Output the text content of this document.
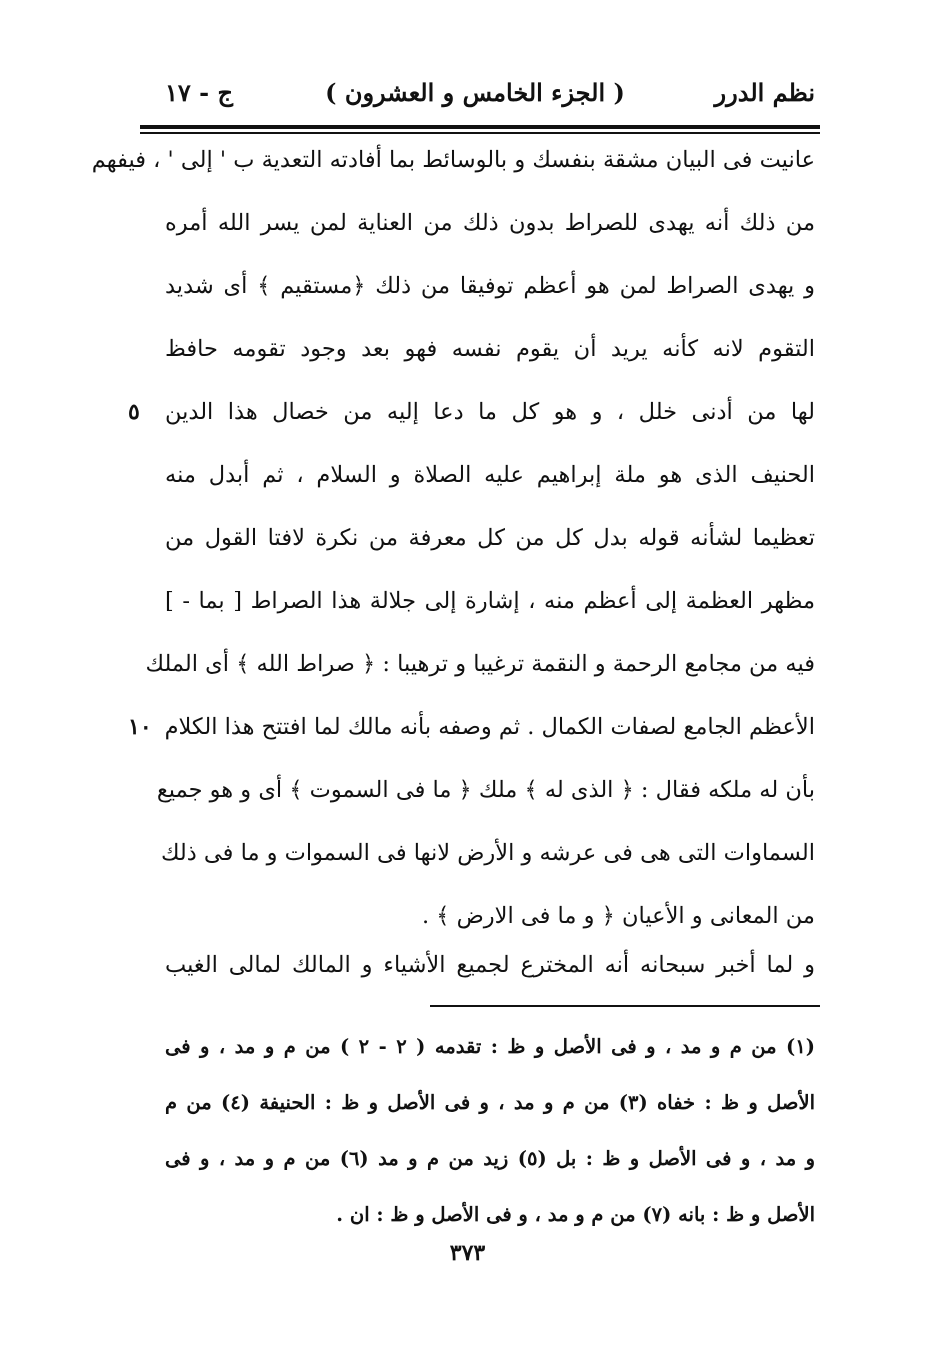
نظم الدرر
( الجزء الخامس و العشرون )
ج - ١٧
عانيت فى البيان مشقة بنفسك و بالوسائط بما أفادته التعدية ب ' إلى ' ، فيفهم
من ذلك أنه يهدى للصراط بدون ذلك من العناية لمن يسر الله أمره
و يهدى الصراط لمن هو أعظم توفيقا من ذلك ﴿مستقيم ﴾ أى شديد
التقوم لانه كأنه يريد أن يقوم نفسه فهو بعد وجود تقومه حافظ
لها من أدنى خلل ، و هو كل ما دعا إليه من خصال هذا الدين
الحنيف الذى هو ملة إبراهيم عليه الصلاة و السلام ، ثم أبدل منه
تعظيما لشأنه قوله بدل كل من كل معرفة من نكرة لافتا القول من
مظهر العظمة إلى أعظم منه ، إشارة إلى جلالة هذا الصراط [ بما - ]
فيه من مجامع الرحمة و النقمة ترغيبا و ترهيبا : ﴿ صراط الله ﴾ أى الملك
الأعظم الجامع لصفات الكمال . ثم وصفه بأنه مالك لما افتتح هذا الكلام
بأن له ملكه فقال : ﴿ الذى له ﴾ ملك ﴿ ما فى السموت ﴾ أى و هو جميع
السماوات التى هى فى عرشه و الأرض لانها فى السموات و ما فى ذلك
من المعانى و الأعيان ﴿ و ما فى الارض ﴾ .
و لما أخبر سبحانه أنه المخترع لجميع الأشياء و المالك لمالى الغيب
٥
١٠
(١) من م و مد ، و فى الأصل و ظ : تقدمه ( ٢ - ٢ ) من م و مد ، و فى
الأصل و ظ : خفاه (٣) من م و مد ، و فى الأصل و ظ : الحنيفة (٤) من م
و مد ، و فى الأصل و ظ : بل (٥) زيد من م و مد (٦) من م و مد ، و فى
الأصل و ظ : بانه (٧) من م و مد ، و فى الأصل و ظ : ان .
٣٧٣
